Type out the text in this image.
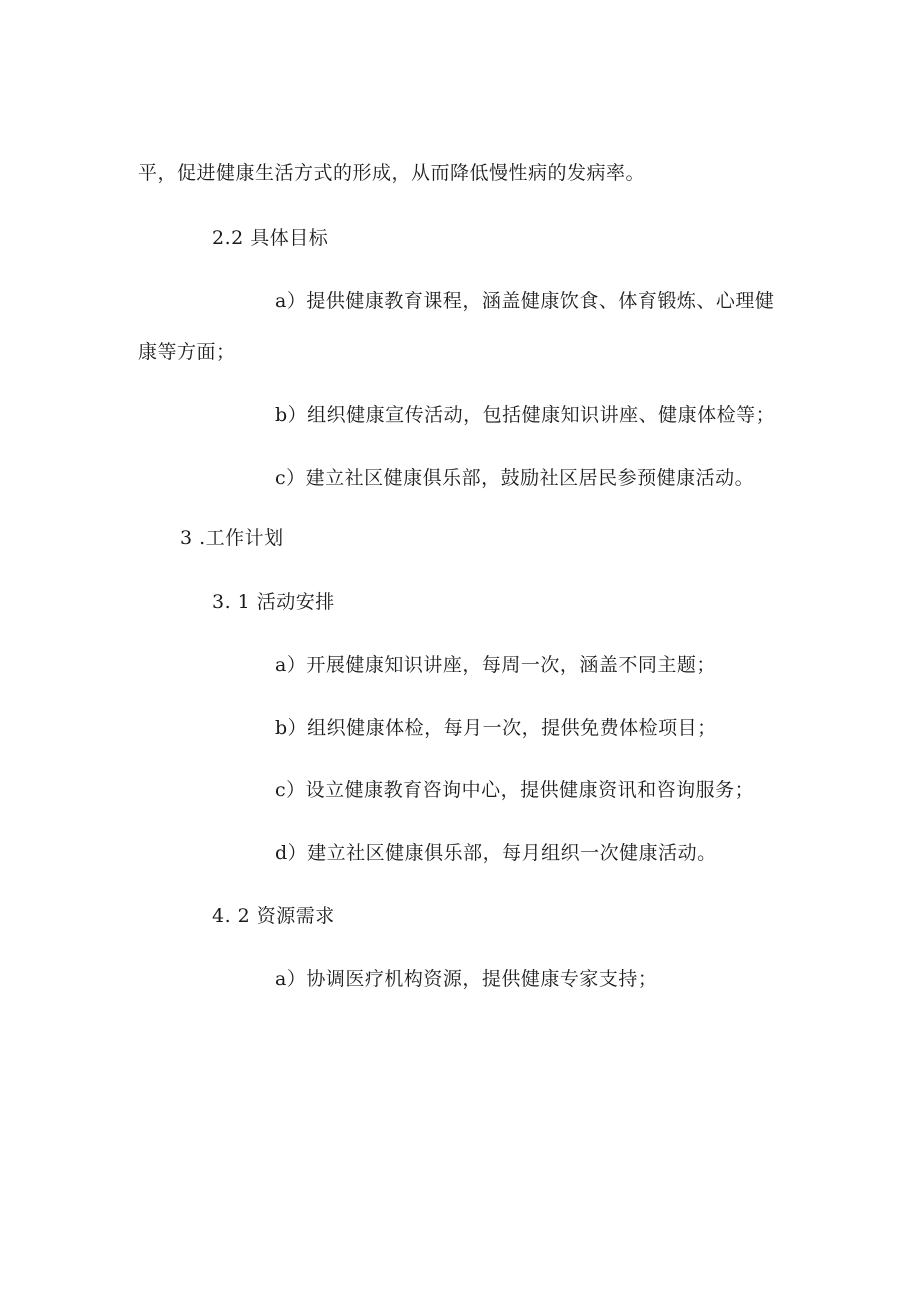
平，促进健康生活方式的形成，从而降低慢性病的发病率。
2.2 具体目标
a）提供健康教育课程，涵盖健康饮食、体育锻炼、心理健
康等方面；
b）组织健康宣传活动，包括健康知识讲座、健康体检等；
c）建立社区健康俱乐部，鼓励社区居民参预健康活动。
3 .工作计划
3. 1 活动安排
a）开展健康知识讲座，每周一次，涵盖不同主题；
b）组织健康体检，每月一次，提供免费体检项目；
c）设立健康教育咨询中心，提供健康资讯和咨询服务；
d）建立社区健康俱乐部，每月组织一次健康活动。
4. 2 资源需求
a）协调医疗机构资源，提供健康专家支持；
